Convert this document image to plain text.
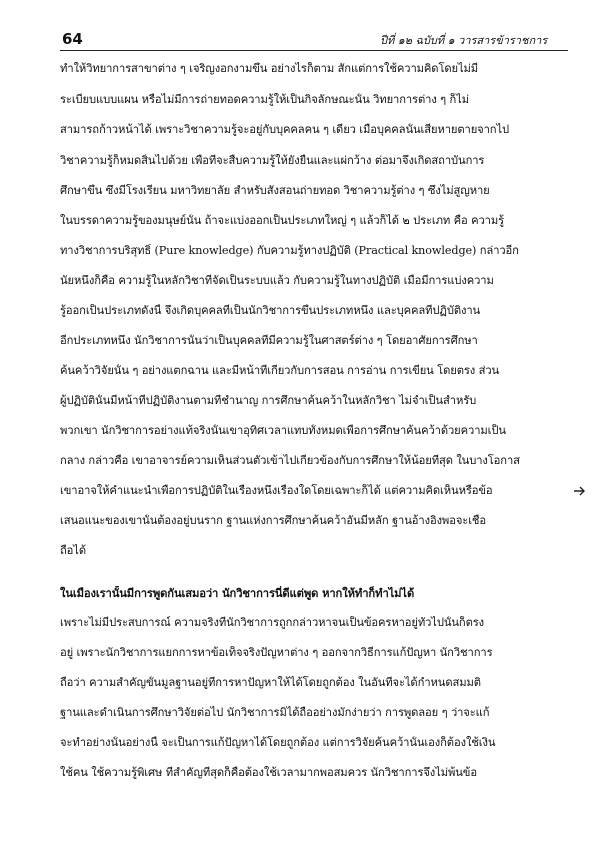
64	ปีที่ ๑๒ ฉบับที่ ๑ วารสารข้าราชการ
ทำให้วิทยาการสาขาต่าง ๆ เจริญงอกงามขึ้น อย่างไรก็ตาม สักแต่การใช้ความคิดโดยไม่มี
ระเบียบแบบแผน หรือไม่มีการถ่ายทอดความรู้ให้เป็นกิจลักษณะนั้น วิทยาการต่าง ๆ ก็ไม่
สามารถก้าวหน้าได้ เพราะวิชาความรู้จะอยู่กับบุคคลคน ๆ เดียว เมื่อบุคคลนั้นเสียหายตายจากไป
วิชาความรู้ก็หมดสิ้นไปด้วย เพื่อที่จะสืบความรู้ให้ยั่งยืนและแผ่กว้าง ต่อมาจึงเกิดสถาบันการ
ศึกษาขึ้น ซึ่งมีโรงเรียน มหาวิทยาลัย สำหรับสั่งสอนถ่ายทอด วิชาความรู้ต่าง ๆ ซึ่งไม่สูญหาย
ในบรรดาความรู้ของมนุษย์นั้น ถ้าจะแบ่งออกเป็นประเภทใหญ่ ๆ แล้วก็ได้ ๒ ประเภท คือ ความรู้
ทางวิชาการบริสุทธิ์ (Pure knowledge) กับความรู้ทางปฏิบัติ (Practical knowledge) กล่าวอีก
นัยหนึ่งก็คือ ความรู้ในหลักวิชาที่จัดเป็นระบบแล้ว กับความรู้ในทางปฏิบัติ เมื่อมีการแบ่งความ
รู้ออกเป็นประเภทดังนี้ จึงเกิดบุคคลที่เป็นนักวิชาการขึ้นประเภทหนึ่ง และบุคคลที่ปฏิบัติงาน
อีกประเภทหนึ่ง นักวิชาการนั้นว่าเป็นบุคคลที่มีความรู้ในศาสตร์ต่าง ๆ โดยอาศัยการศึกษา
ค้นคว้าวิจัยนั้น ๆ อย่างแตกฉาน และมีหน้าที่เกี่ยวกับการสอน การอ่าน การเขียน โดยตรง ส่วน
ผู้ปฏิบัตินั้นมีหน้าที่ปฏิบัติงานตามที่ชำนาญ การศึกษาค้นคว้าในหลักวิชา ไม่จำเป็นสำหรับ
พวกเขา นักวิชาการอย่างแท้จริงนั้นเขาอุทิศเวลาแทบทั้งหมดเพื่อการศึกษาค้นคว้าด้วยความเป็น
กลาง กล่าวคือ เขาอาจารย์ความเห็นส่วนตัวเข้าไปเกี่ยวข้องกับการศึกษาให้น้อยที่สุด ในบางโอกาส
เขาอาจให้คำแนะนำเพื่อการปฏิบัติในเรื่องหนึ่งเรื่องใดโดยเฉพาะก็ได้ แต่ความคิดเห็นหรือข้อ
เสนอแนะของเขานั้นต้องอยู่บนราก ฐานแห่งการศึกษาค้นคว้าอันมีหลัก ฐานอ้างอิงพอจะเชื่อ
ถือได้
ในเมืองเรานั้นมีการพูดกันเสมอว่า นักวิชาการนี่ดีแต่พูด หากให้ทำก็ทำไม่ได้
เพราะไม่มีประสบการณ์ ความจริงที่นักวิชาการถูกกล่าวหาจนเป็นข้อครหาอยู่ทั่วไปนั้นก็ตรง
อยู่ เพราะนักวิชาการแยกการหาข้อเท็จจริงปัญหาต่าง ๆ ออกจากวิธีการแก้ปัญหา นักวิชาการ
ถือว่า ความสำคัญขั้นมูลฐานอยู่ที่การหาปัญหาให้ได้โดยถูกต้อง ในอันที่จะได้กำหนดสมมติ
ฐานและดำเนินการศึกษาวิจัยต่อไป นักวิชาการมิได้ถืออย่างมักง่ายว่า การพูดลอย ๆ ว่าจะแก้
จะทำอย่างนั้นอย่างนี้ จะเป็นการแก้ปัญหาได้โดยถูกต้อง แต่การวิจัยค้นคว้านั้นเองก็ต้องใช้เงิน
ใช้คน ใช้ความรู้พิเศษ ที่สำคัญที่สุดก็คือต้องใช้เวลามากพอสมควร นักวิชาการจึงไม่พ้นข้อ
